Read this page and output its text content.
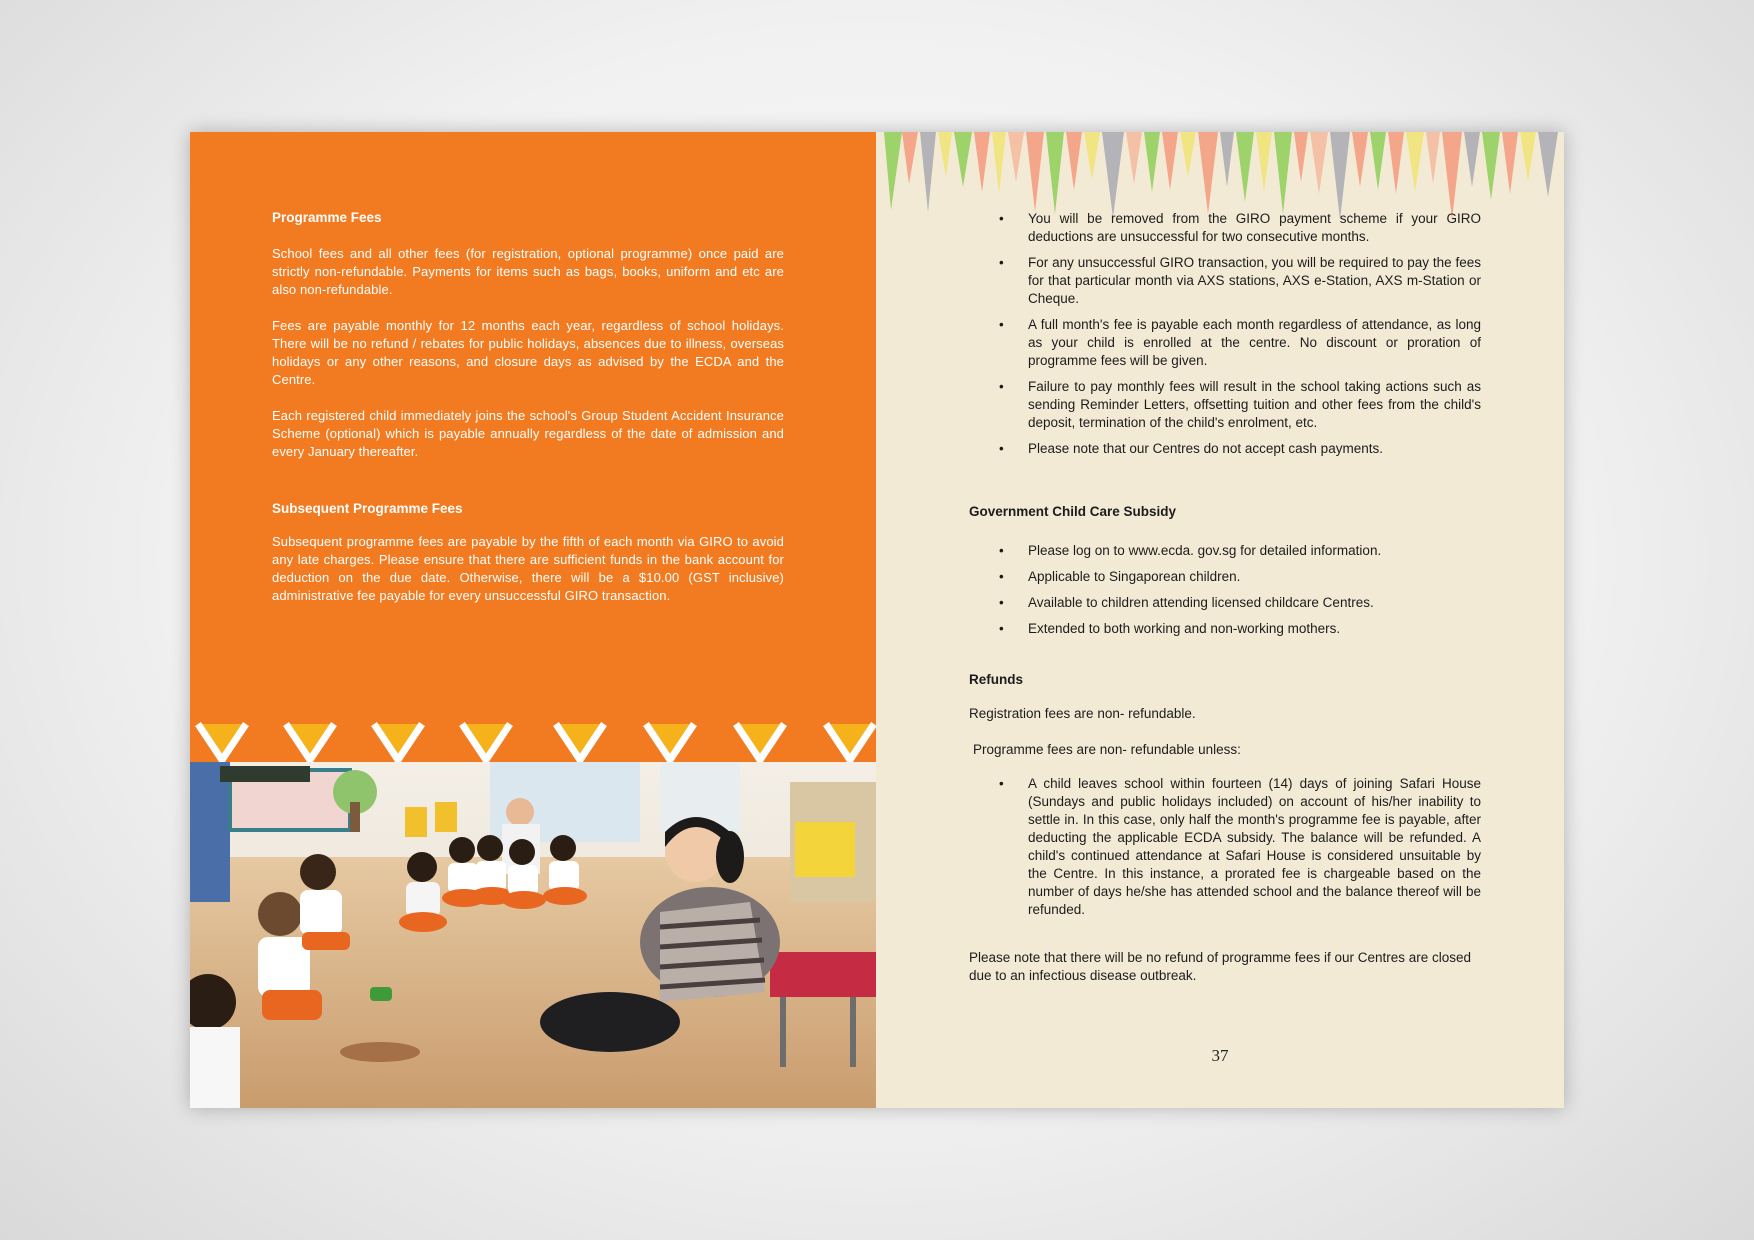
Programme Fees

School fees and all other fees (for registration, optional programme) once paid are strictly non-refundable. Payments for items such as bags, books, uniform and etc are also non-refundable.

Fees are payable monthly for 12 months each year, regardless of school holidays. There will be no refund / rebates for public holidays, absences due to illness, overseas holidays or any other reasons, and closure days as advised by the ECDA and the Centre.

Each registered child immediately joins the school's Group Student Accident Insurance Scheme (optional) which is payable annually regardless of the date of admission and every January thereafter.

Subsequent Programme Fees

Subsequent programme fees are payable by the fifth of each month via GIRO to avoid any late charges. Please ensure that there are sufficient funds in the bank account for deduction on the due date. Otherwise, there will be a $10.00 (GST inclusive) administrative fee payable for every unsuccessful GIRO transaction.

• You will be removed from the GIRO payment scheme if your GIRO deductions are unsuccessful for two consecutive months.
• For any unsuccessful GIRO transaction, you will be required to pay the fees for that particular month via AXS stations, AXS e-Station, AXS m-Station or Cheque.
• A full month's fee is payable each month regardless of attendance, as long as your child is enrolled at the centre. No discount or proration of programme fees will be given.
• Failure to pay monthly fees will result in the school taking actions such as sending Reminder Letters, offsetting tuition and other fees from the child's deposit, termination of the child's enrolment, etc.
• Please note that our Centres do not accept cash payments.

Government Child Care Subsidy

• Please log on to www.ecda. gov.sg for detailed information.
• Applicable to Singaporean children.
• Available to children attending licensed childcare Centres.
• Extended to both working and non-working mothers.

Refunds

Registration fees are non- refundable.

Programme fees are non- refundable unless:

• A child leaves school within fourteen (14) days of joining Safari House (Sundays and public holidays included) on account of his/her inability to settle in. In this case, only half the month's programme fee is payable, after deducting the applicable ECDA subsidy. The balance will be refunded. A child's continued attendance at Safari House is considered unsuitable by the Centre. In this instance, a prorated fee is chargeable based on the number of days he/she has attended school and the balance thereof will be refunded.

Please note that there will be no refund of programme fees if our Centres are closed due to an infectious disease outbreak.

37
